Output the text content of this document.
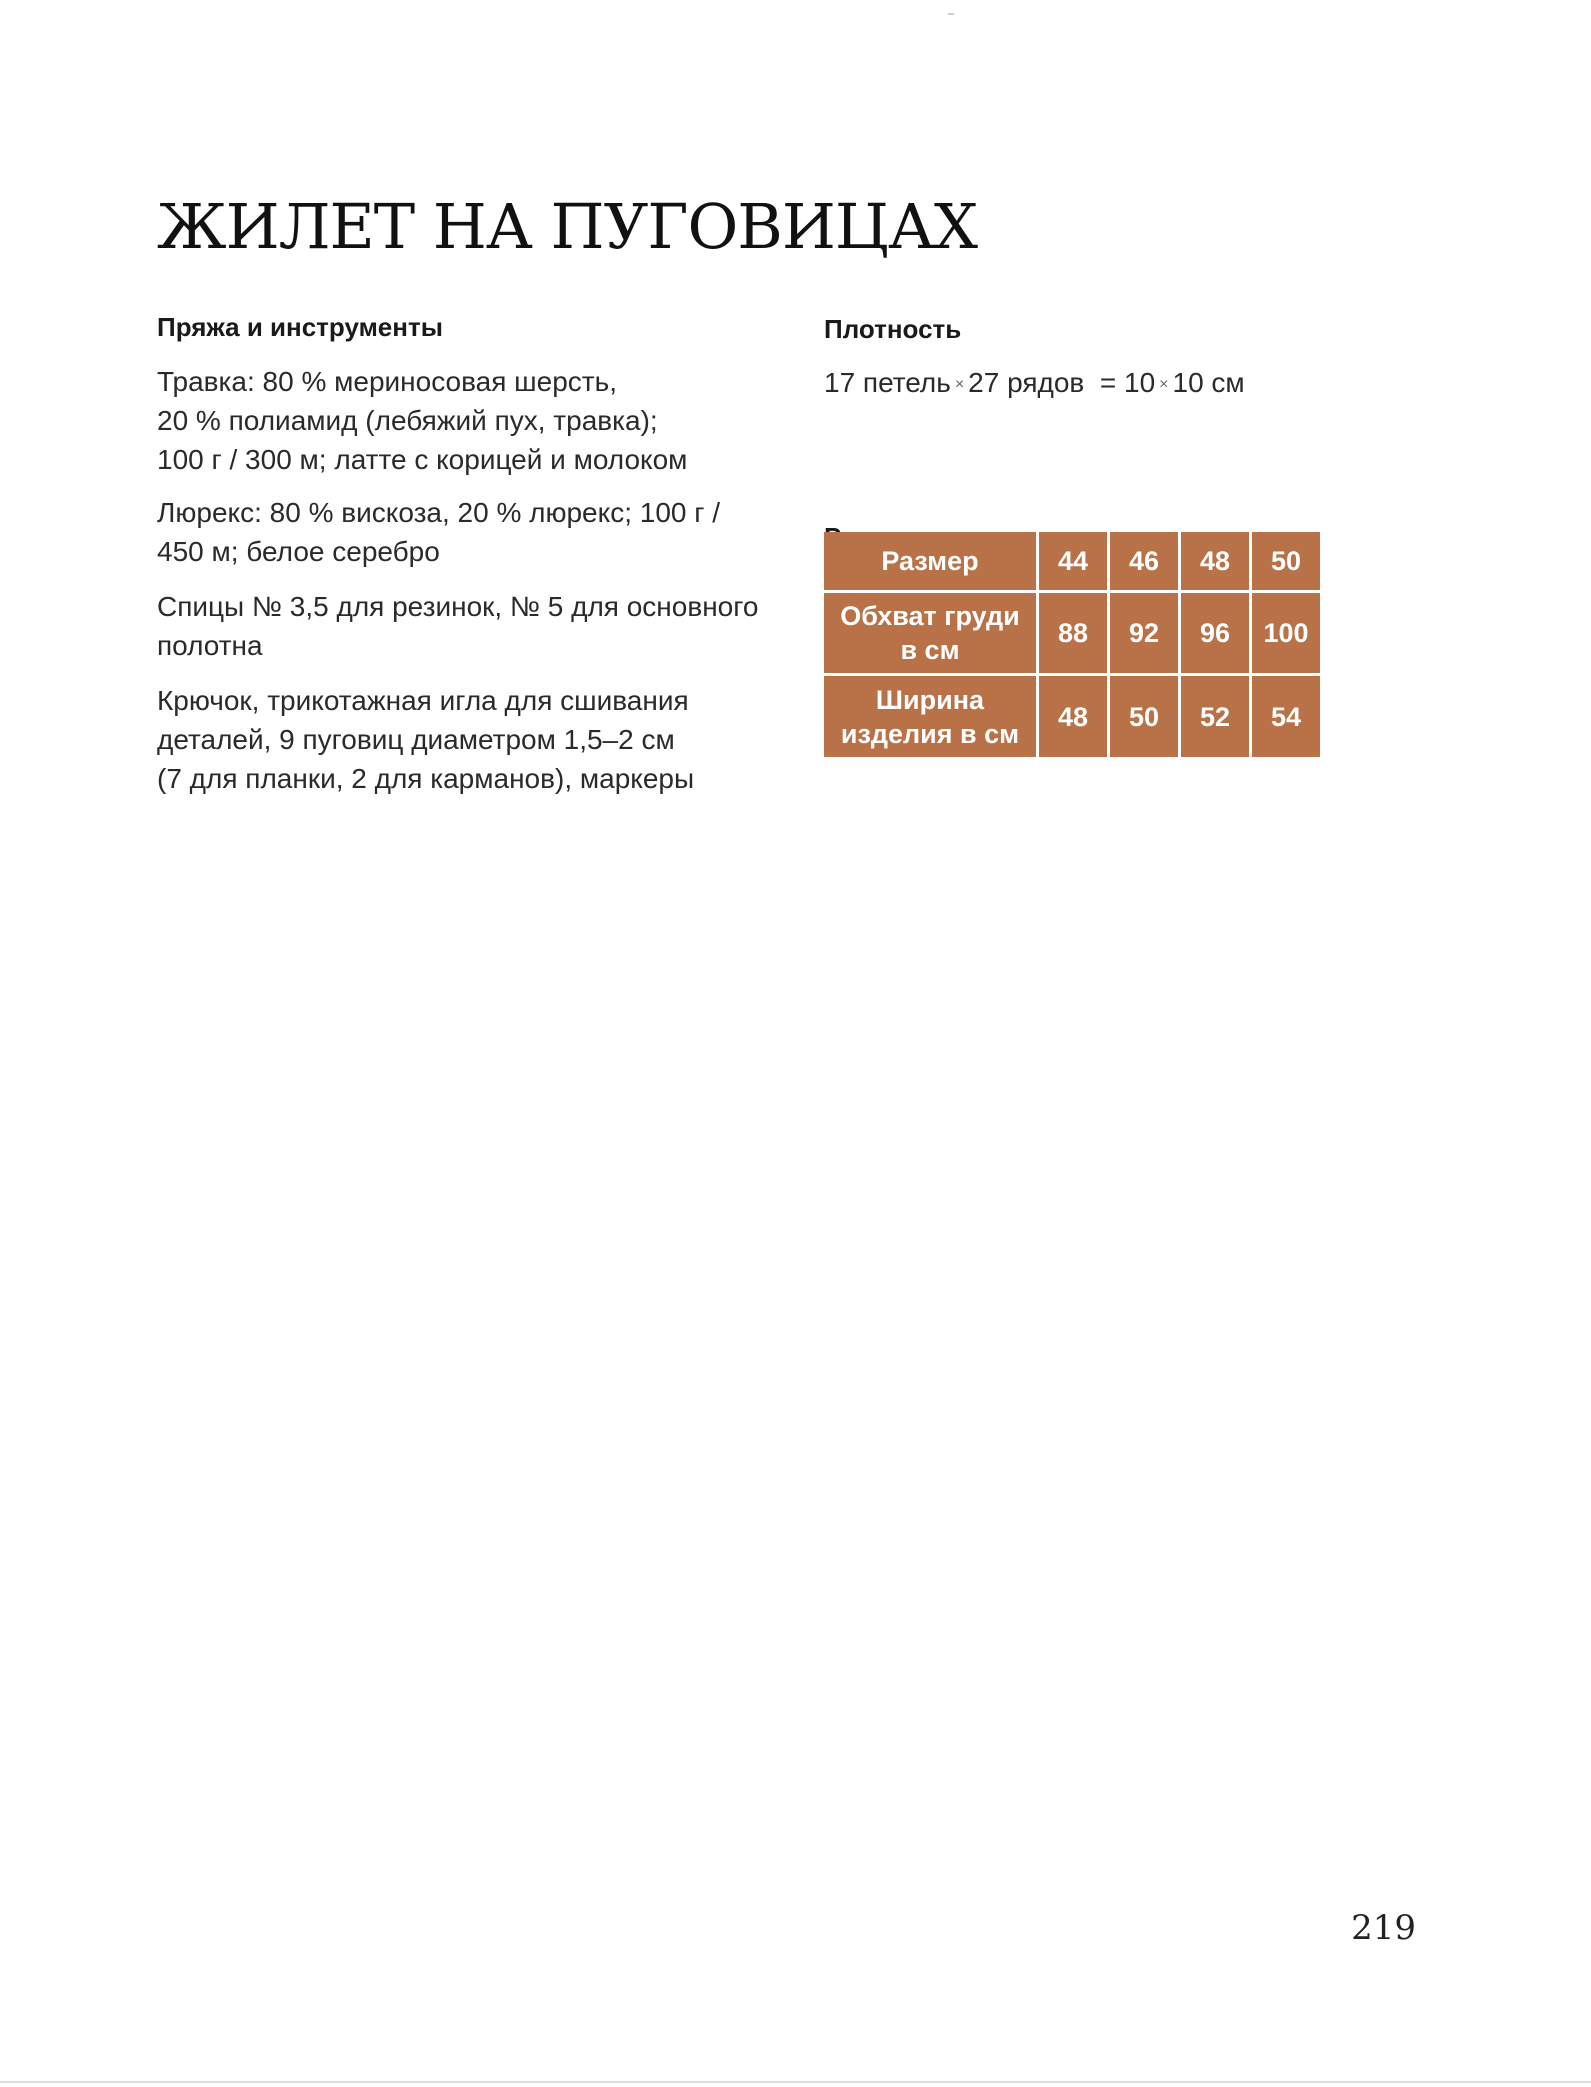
ЖИЛЕТ НА ПУГОВИЦАХ
Пряжа и инструменты

Травка: 80 % мериносовая шерсть,
20 % полиамид (лебяжий пух, травка);
100 г / 300 м; латте с корицей и молоком

Люрекс: 80 % вискоза, 20 % люрекс; 100 г /
450 м; белое серебро

Спицы № 3,5 для резинок, № 5 для основного
полотна

Крючок, трикотажная игла для сшивания
деталей, 9 пуговиц диаметром 1,5–2 см
(7 для планки, 2 для карманов), маркеры

Плотность
17 петель × 27 рядов = 10 × 10 см
Размер	44	46	48	50
Обхват груди
в см	88	92	96	100
Ширина
изделия в см	48	50	52	54
219
